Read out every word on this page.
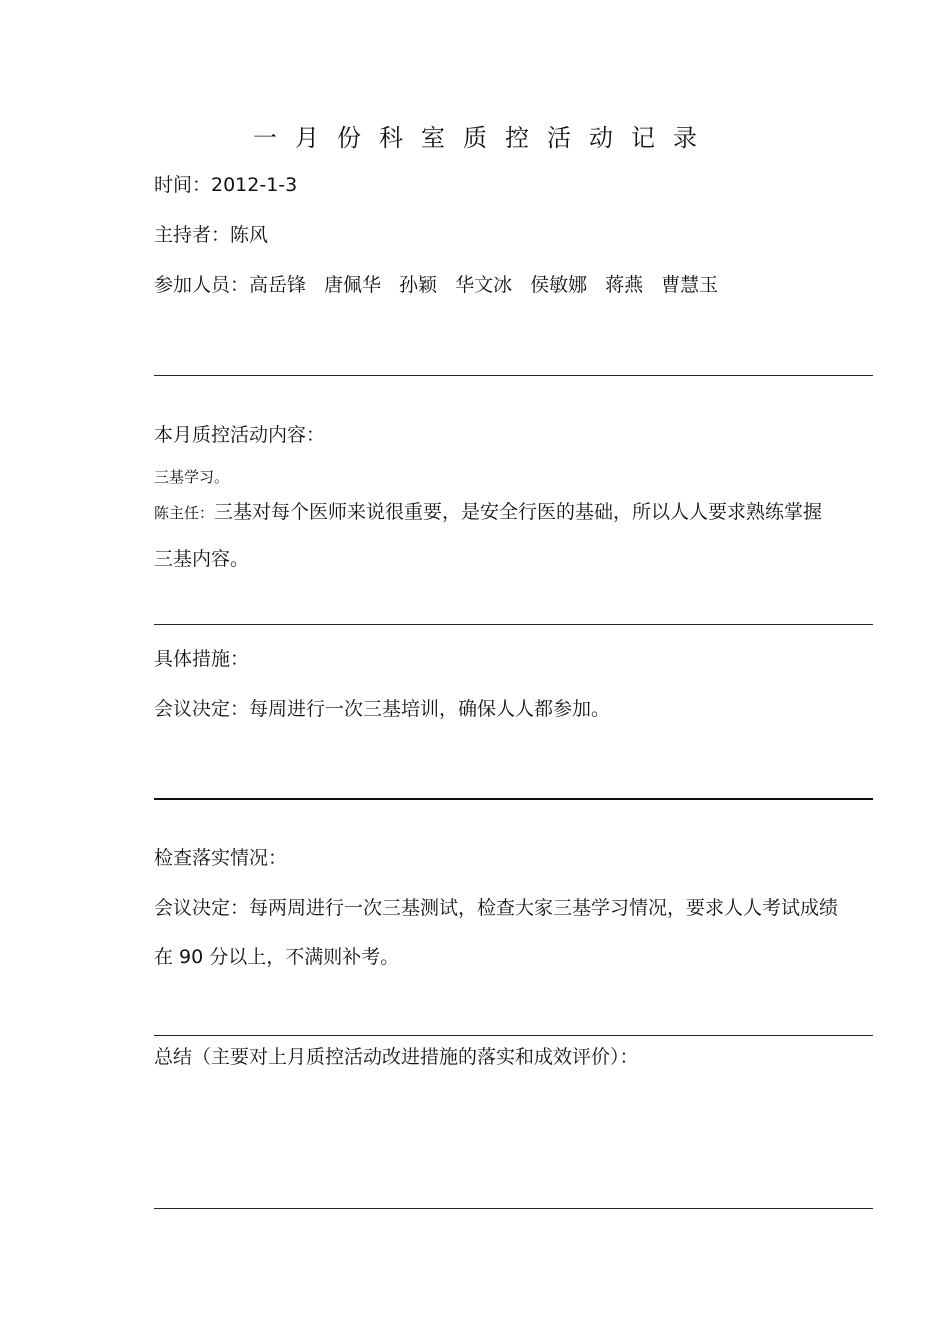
一月份科室质控活动记录
时间：2012-1-3
主持者：陈风
参加人员：高岳锋 唐佩华 孙颖 华文冰 侯敏娜 蒋燕 曹慧玉
本月质控活动内容：
三基学习。
陈主任：三基对每个医师来说很重要，是安全行医的基础，所以人人要求熟练掌握
三基内容。
具体措施：
会议决定：每周进行一次三基培训，确保人人都参加。
检查落实情况：
会议决定：每两周进行一次三基测试，检查大家三基学习情况，要求人人考试成绩
在 90 分以上，不满则补考。
总结（主要对上月质控活动改进措施的落实和成效评价）：
